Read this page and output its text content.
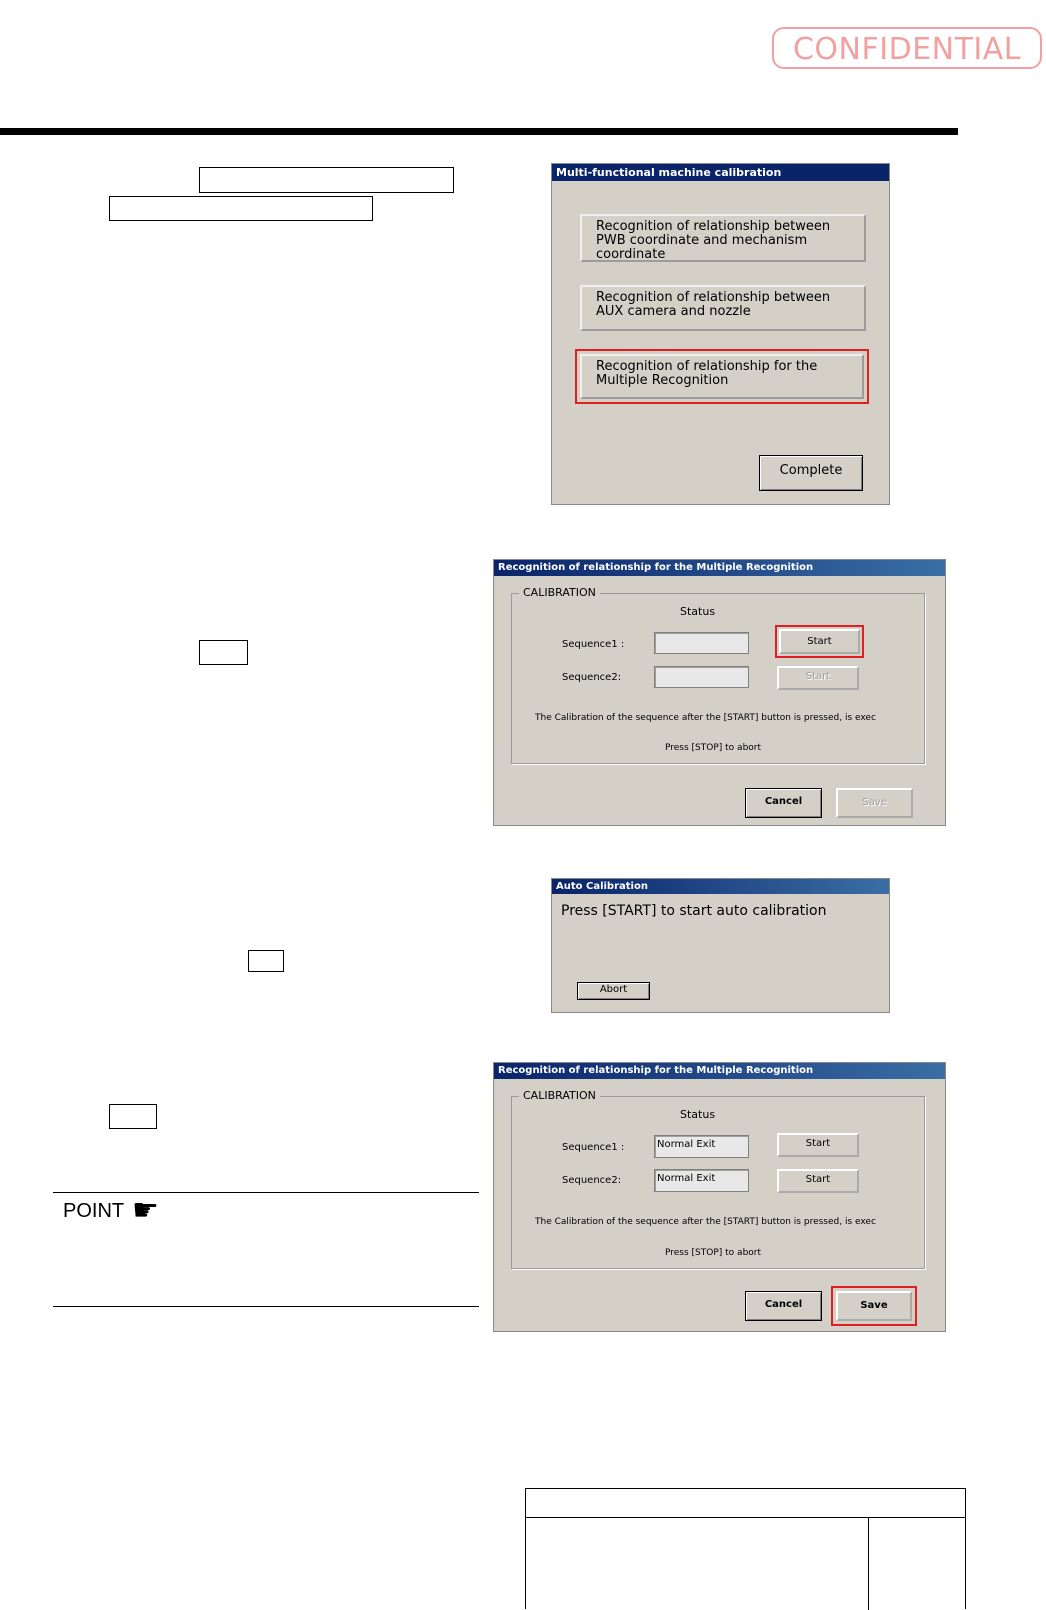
CONFIDENTIAL
POINT ☛
Multi-functional machine calibration
Recognition of relationship between PWB coordinate and mechanism coordinate
Recognition of relationship between AUX camera and nozzle
Recognition of relationship for the Multiple Recognition
Complete
Recognition of relationship for the Multiple Recognition
CALIBRATION
Status
Sequence1 :	Start
Sequence2:	Start
The Calibration of the sequence after the [START] button is pressed, is exec
Press [STOP] to abort
Cancel	Save
Auto Calibration
Press [START] to start auto calibration
Abort
Recognition of relationship for the Multiple Recognition
CALIBRATION
Status
Sequence1 :	Normal Exit	Start
Sequence2:	Normal Exit	Start
The Calibration of the sequence after the [START] button is pressed, is exec
Press [STOP] to abort
Cancel	Save
